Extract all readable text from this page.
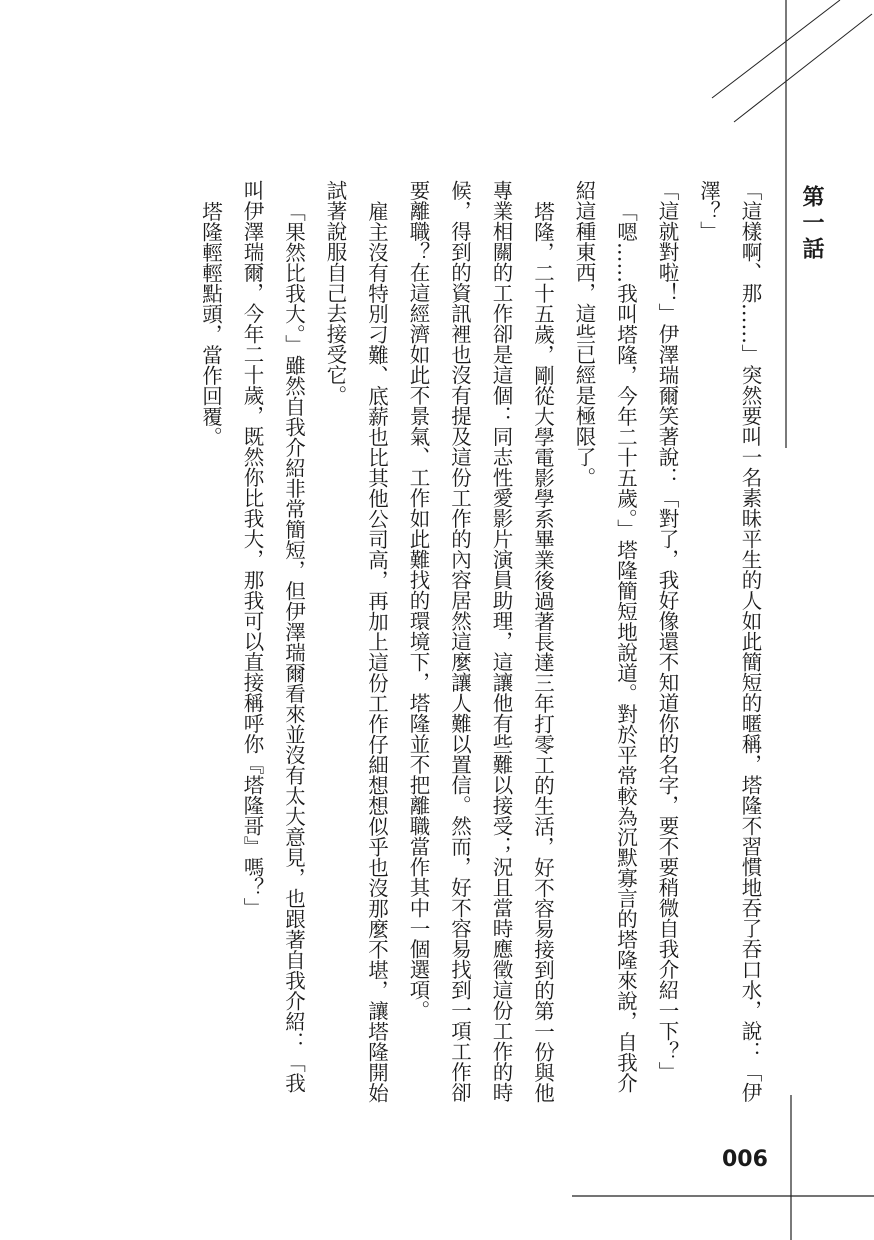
第一話

「這樣啊、那……」突然要叫一名素昧平生的人如此簡短的暱稱，塔隆不習慣地吞了吞口水，說：「伊澤？」

「這就對啦！」伊澤瑞爾笑著說：「對了，我好像還不知道你的名字，要不要稍微自我介紹一下？」

「嗯……我叫塔隆，今年二十五歲。」塔隆簡短地說道。對於平常較為沉默寡言的塔隆來說，自我介紹這種東西，這些已經是極限了。

塔隆，二十五歲，剛從大學電影學系畢業後過著長達三年打零工的生活，好不容易接到的第一份與他專業相關的工作卻是這個：同志性愛影片演員助理，這讓他有些難以接受；況且當時應徵這份工作的時候，得到的資訊裡也沒有提及這份工作的內容居然這麼讓人難以置信。然而，好不容易找到一項工作卻要離職？在這經濟如此不景氣、工作如此難找的環境下，塔隆並不把離職當作其中一個選項。

雇主沒有特別刁難、底薪也比其他公司高，再加上這份工作仔細想想似乎也沒那麼不堪，讓塔隆開始試著說服自己去接受它。

「果然比我大。」雖然自我介紹非常簡短，但伊澤瑞爾看來並沒有太大意見，也跟著自我介紹：「我叫伊澤瑞爾，今年二十歲，既然你比我大，那我可以直接稱呼你『塔隆哥』嗎？」

塔隆輕輕點頭，當作回覆。

006
